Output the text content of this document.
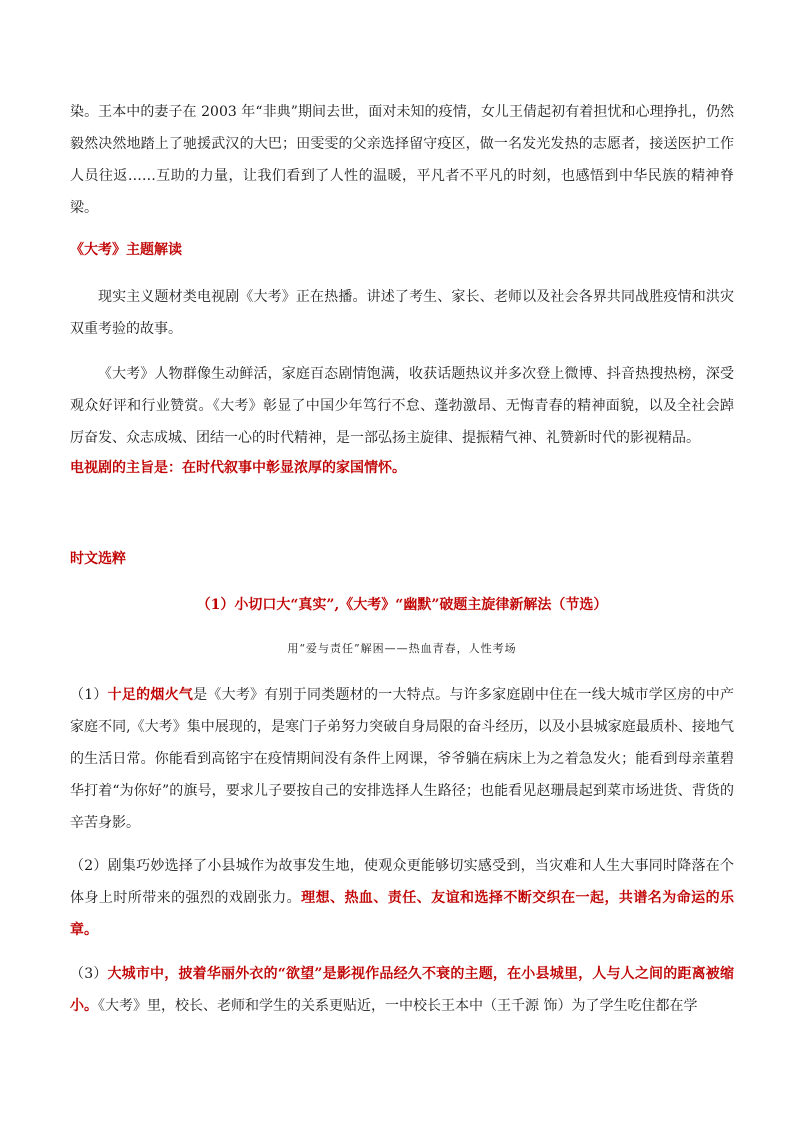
染。王本中的妻子在 2003 年“非典”期间去世，面对未知的疫情，女儿王倩起初有着担忧和心理挣扎，仍然毅然决然地踏上了驰援武汉的大巴；田雯雯的父亲选择留守疫区，做一名发光发热的志愿者，接送医护工作人员往返……互助的力量，让我们看到了人性的温暖，平凡者不平凡的时刻，也感悟到中华民族的精神脊梁。

《大考》主题解读

现实主义题材类电视剧《大考》正在热播。讲述了考生、家长、老师以及社会各界共同战胜疫情和洪灾双重考验的故事。

《大考》人物群像生动鲜活，家庭百态剧情饱满，收获话题热议并多次登上微博、抖音热搜热榜，深受观众好评和行业赞赏。《大考》彰显了中国少年笃行不怠、蓬勃激昂、无悔青春的精神面貌，以及全社会踔厉奋发、众志成城、团结一心的时代精神，是一部弘扬主旋律、提振精气神、礼赞新时代的影视精品。

电视剧的主旨是：在时代叙事中彰显浓厚的家国情怀。

时文选粹

（1）小切口大“真实”,《大考》“幽默”破题主旋律新解法（节选）

用“爱与责任”解困——热血青春，人性考场

（1）十足的烟火气是《大考》有别于同类题材的一大特点。与许多家庭剧中住在一线大城市学区房的中产家庭不同,《大考》集中展现的，是寒门子弟努力突破自身局限的奋斗经历，以及小县城家庭最质朴、接地气的生活日常。你能看到高铭宇在疫情期间没有条件上网课，爷爷躺在病床上为之着急发火；能看到母亲董碧华打着“为你好”的旗号，要求儿子要按自己的安排选择人生路径；也能看见赵珊晨起到菜市场进货、背货的辛苦身影。

（2）剧集巧妙选择了小县城作为故事发生地，使观众更能够切实感受到，当灾难和人生大事同时降落在个体身上时所带来的强烈的戏剧张力。理想、热血、责任、友谊和选择不断交织在一起，共谱名为命运的乐章。

（3）大城市中，披着华丽外衣的“欲望”是影视作品经久不衰的主题，在小县城里，人与人之间的距离被缩小。《大考》里，校长、老师和学生的关系更贴近，一中校长王本中（王千源 饰）为了学生吃住都在学
